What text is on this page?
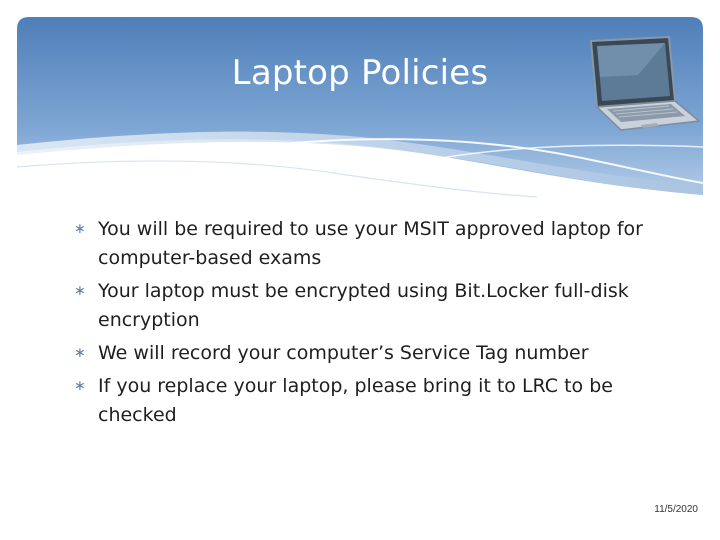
Laptop Policies
∗ You will be required to use your MSIT approved laptop for computer-based exams
∗ Your laptop must be encrypted using Bit.Locker full-disk encryption
∗ We will record your computer’s Service Tag number
∗ If you replace your laptop, please bring it to LRC to be checked
11/5/2020
